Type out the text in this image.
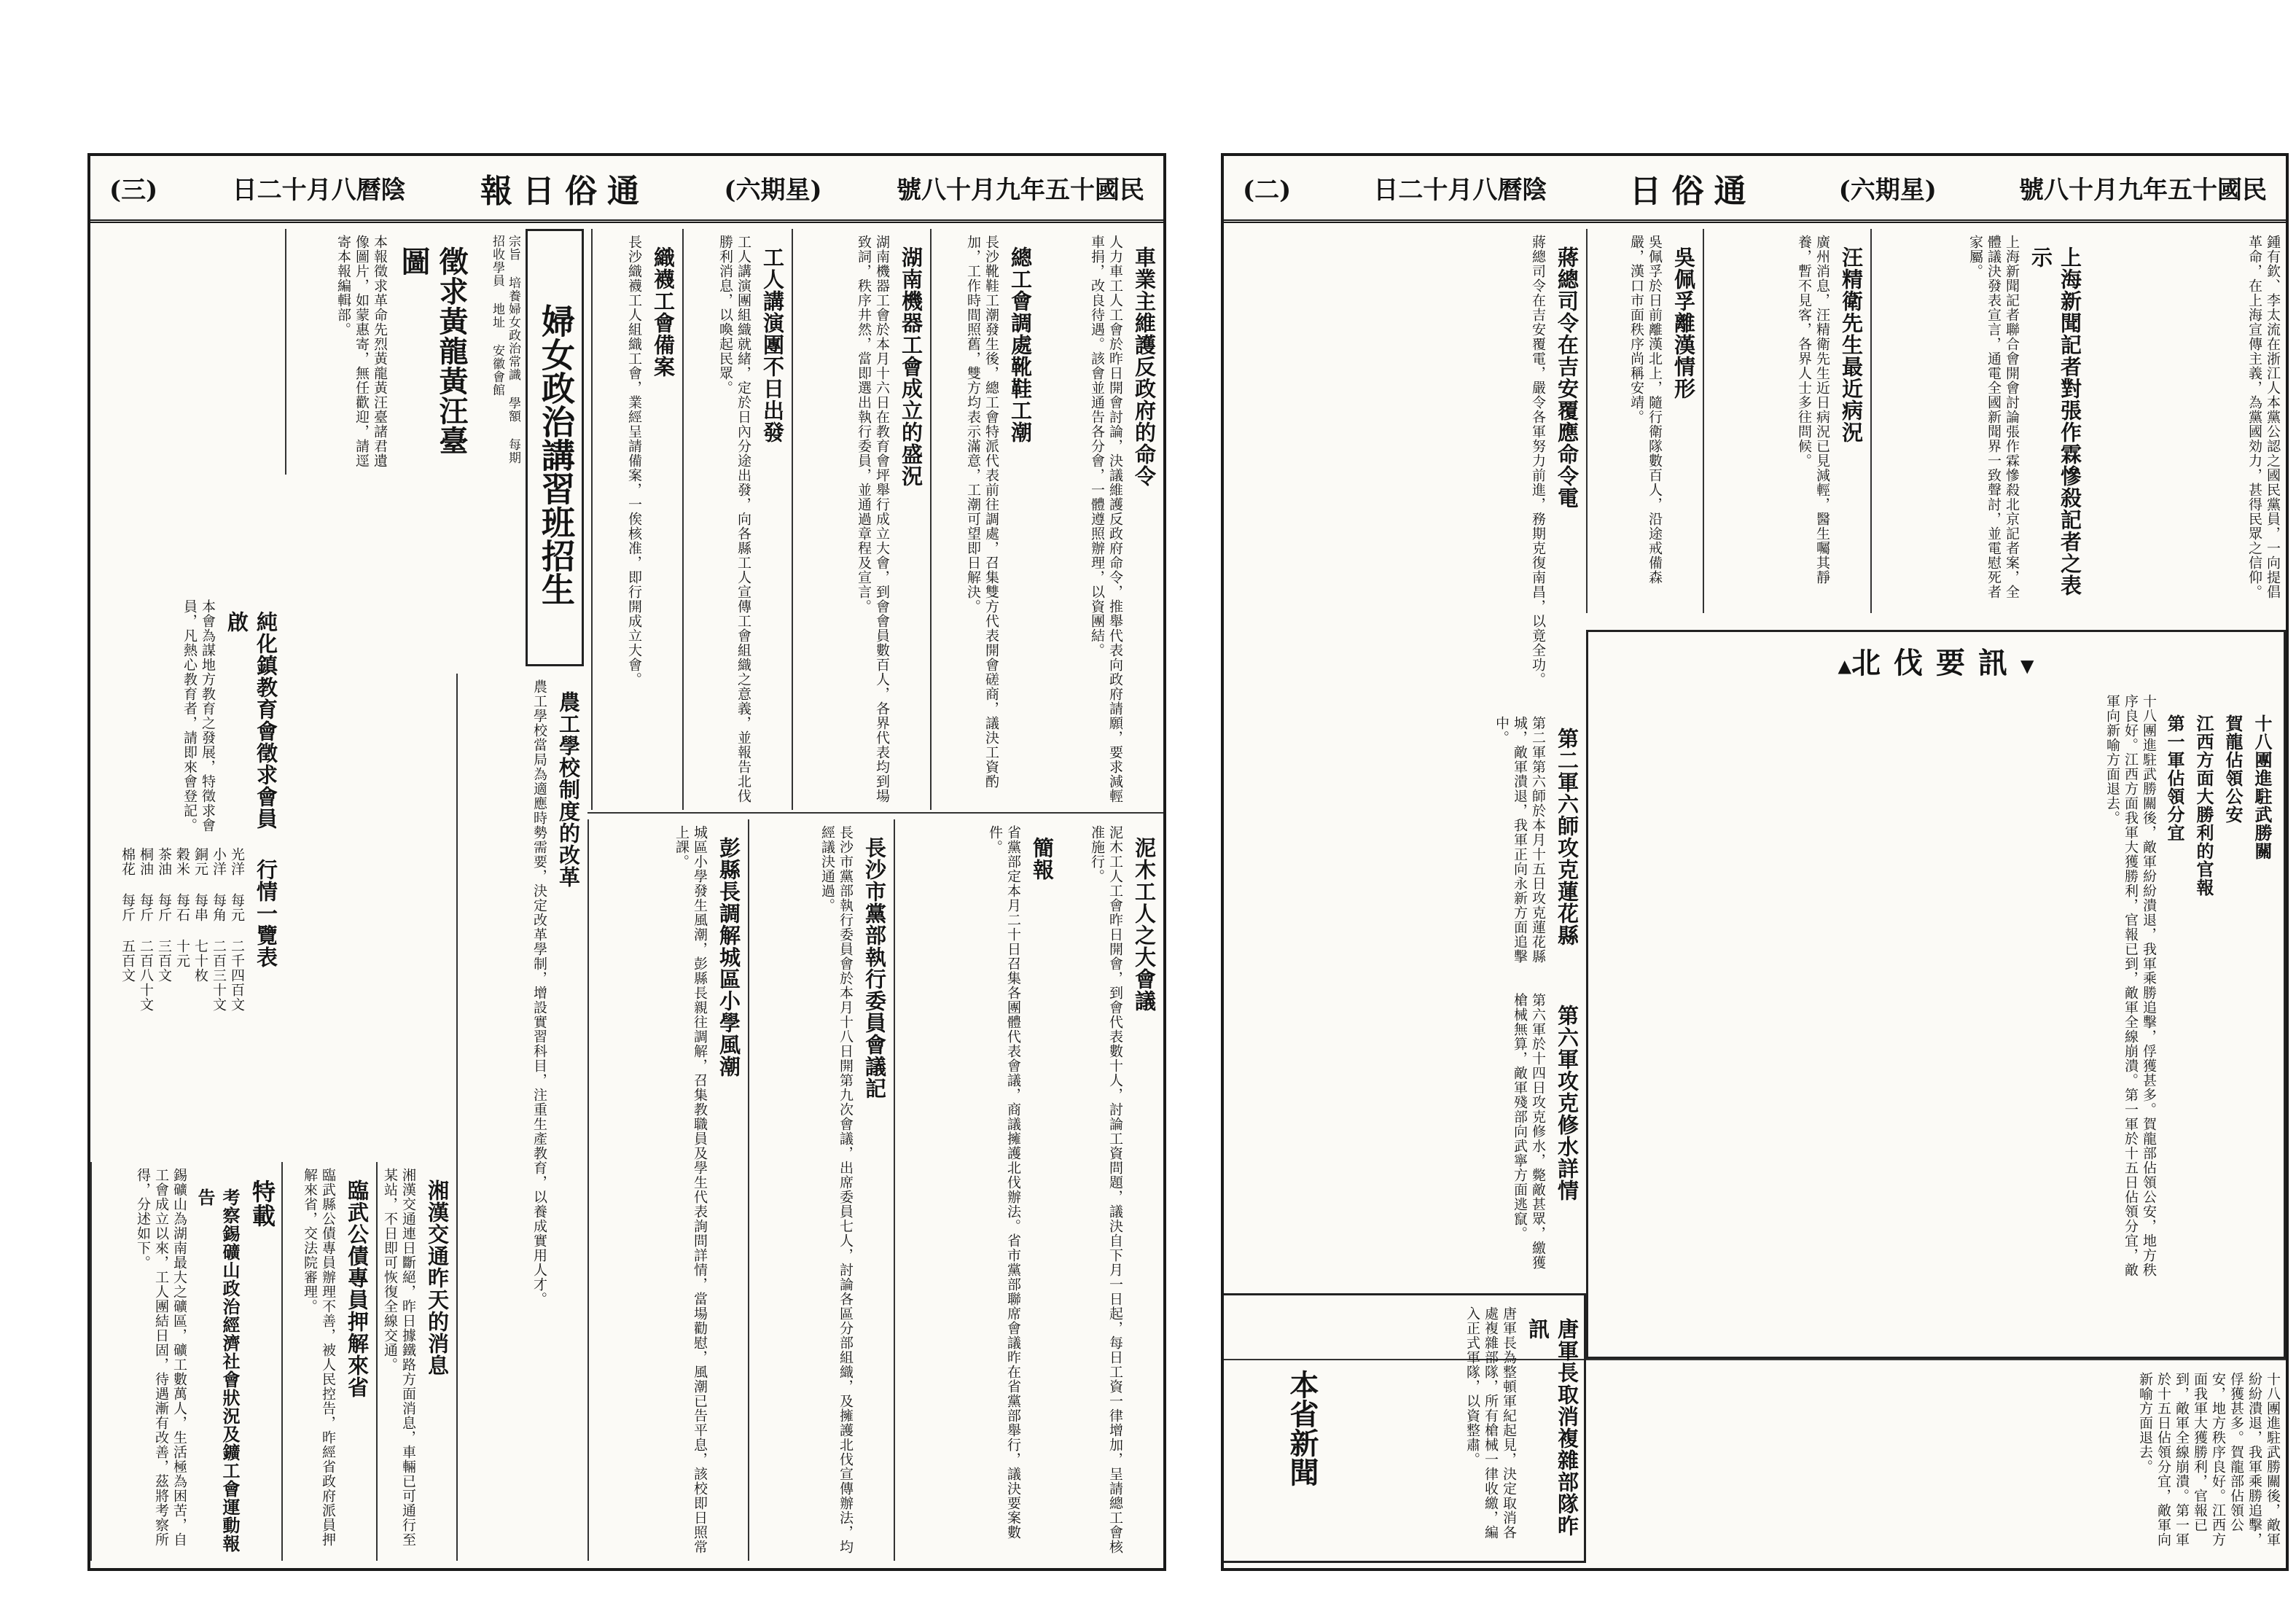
(三)	日二十月八曆陰 報日俗通	(六期星)	號八十月九年五十國民
車業主維護反政府的命令

人力車工人工會於昨日開會討論，決議維護反政府命令，推舉代表向政府請願，要求減輕車捐，改良待遇。該會並通告各分會，一體遵照辦理，以資團結。

總工會調處靴鞋工潮

長沙靴鞋工潮發生後，總工會特派代表前往調處，召集雙方代表開會磋商，議決工資酌加，工作時間照舊，雙方均表示滿意，工潮可望即日解決。

湖南機器工會成立的盛況

湖南機器工會於本月十六日在教育會坪舉行成立大會，到會會員數百人，各界代表均到場致詞，秩序井然，當即選出執行委員，並通過章程及宣言。

工人講演團不日出發

工人講演團組織就緒，定於日內分途出發，向各縣工人宣傳工會組織之意義，並報告北伐勝利消息，以喚起民眾。

織襪工會備案

長沙織襪工人組織工會，業經呈請備案，一俟核准，即行開成立大會。

婦女政治講習班招生

宗旨 培養婦女政治常識 學額 每期招收學員 地址 安徽會館

徵求黃龍黃汪臺圖

本報徵求革命先烈黃龍黃汪臺諸君遺像圖片，如蒙惠寄，無任歡迎，請逕寄本報編輯部。

純化鎮教育會徵求會員啟

本會為謀地方教育之發展，特徵求會員，凡熱心教育者，請即來會登記。

行情一覽表

光洋 每元 二千四百文
小洋 每角 二百三十文
銅元 每串 七十枚
穀米 每石 十元
茶油 每斤 三百文
桐油 每斤 二百八十文
棉花 每斤 五百文	泥木工人之大會議

泥木工人工會昨日開會，到會代表數十人，討論工資問題，議決自下月一日起，每日工資一律增加，呈請總工會核准施行。

簡報

省黨部定本月二十日召集各團體代表會議，商議擁護北伐辦法。省市黨部聯席會議昨在省黨部舉行，議決要案數件。

長沙市黨部執行委員會議記

長沙市黨部執行委員會於本月十八日開第九次會議，出席委員七人，討論各區分部組織，及擁護北伐宣傳辦法，均經議決通過。

彭縣長調解城區小學風潮

城區小學發生風潮，彭縣長親往調解，召集教職員及學生代表詢問詳情，當場勸慰，風潮已告平息，該校即日照常上課。

農工學校制度的改革

農工學校當局為適應時勢需要，決定改革學制，增設實習科目，注重生產教育，以養成實用人才。

湘漢交通昨天的消息

湘漢交通連日斷絕，昨日據鐵路方面消息，車輛已可通行至某站，不日即可恢復全線交通。

臨武公債專員押解來省

臨武縣公債專員辦理不善，被人民控告，昨經省政府派員押解來省，交法院審理。

特載
考察錫礦山政治經濟社會狀況及鑛工會運動報告

錫礦山為湖南最大之礦區，礦工數萬人，生活極為困苦，自工會成立以來，工人團結日固，待遇漸有改善，茲將考察所得，分述如下。

(二)	日二十月八曆陰	日俗通	(六期星)	號八十月九年五十國民

鍾有欽、李太流在浙江人本黨公認之國民黨員，一向提倡革命，在上海宣傳主義，為黨國効力，甚得民眾之信仰。

上海新聞記者對張作霖慘殺記者之表示

上海新聞記者聯合會開會討論張作霖慘殺北京記者案，全體議決發表宣言，通電全國新聞界一致聲討，並電慰死者家屬。

汪精衛先生最近病況

廣州消息，汪精衛先生近日病況已見減輕，醫生囑其靜養，暫不見客，各界人士多往問候。

吳佩孚離漢情形

吳佩孚於日前離漢北上，隨行衛隊數百人，沿途戒備森嚴，漢口市面秩序尚稱安靖。

▲北伐要訊▼
十八團進駐武勝關
賀龍佔領公安
江西方面大勝利的官報
第一軍佔領分宜

十八團進駐武勝關後，敵軍紛紛潰退，我軍乘勝追擊，俘獲甚多。賀龍部佔領公安，地方秩序良好。江西方面我軍大獲勝利，官報已到，敵軍全線崩潰。第一軍於十五日佔領分宜，敵軍向新喻方面退去。

蔣總司令在吉安覆應命令電

蔣總司令在吉安覆電，嚴令各軍努力前進，務期克復南昌，以竟全功。

第二軍六師攻克蓮花縣

第二軍第六師於本月十五日攻克蓮花縣城，敵軍潰退，我軍正向永新方面追擊中。

第六軍攻克修水詳情

第六軍於十四日攻克修水，斃敵甚眾，繳獲槍械無算，敵軍殘部向武寧方面逃竄。

本省新聞	唐軍長取消複雜部隊昨訊

唐軍長為整頓軍紀起見，決定取消各處複雜部隊，所有槍械一律收繳，編入正式軍隊，以資整肅。	十八團進駐武勝關後，敵軍紛紛潰退，我軍乘勝追擊，俘獲甚多。賀龍部佔領公安，地方秩序良好。江西方面我軍大獲勝利，官報已到，敵軍全線崩潰。第一軍於十五日佔領分宜，敵軍向新喻方面退去。
